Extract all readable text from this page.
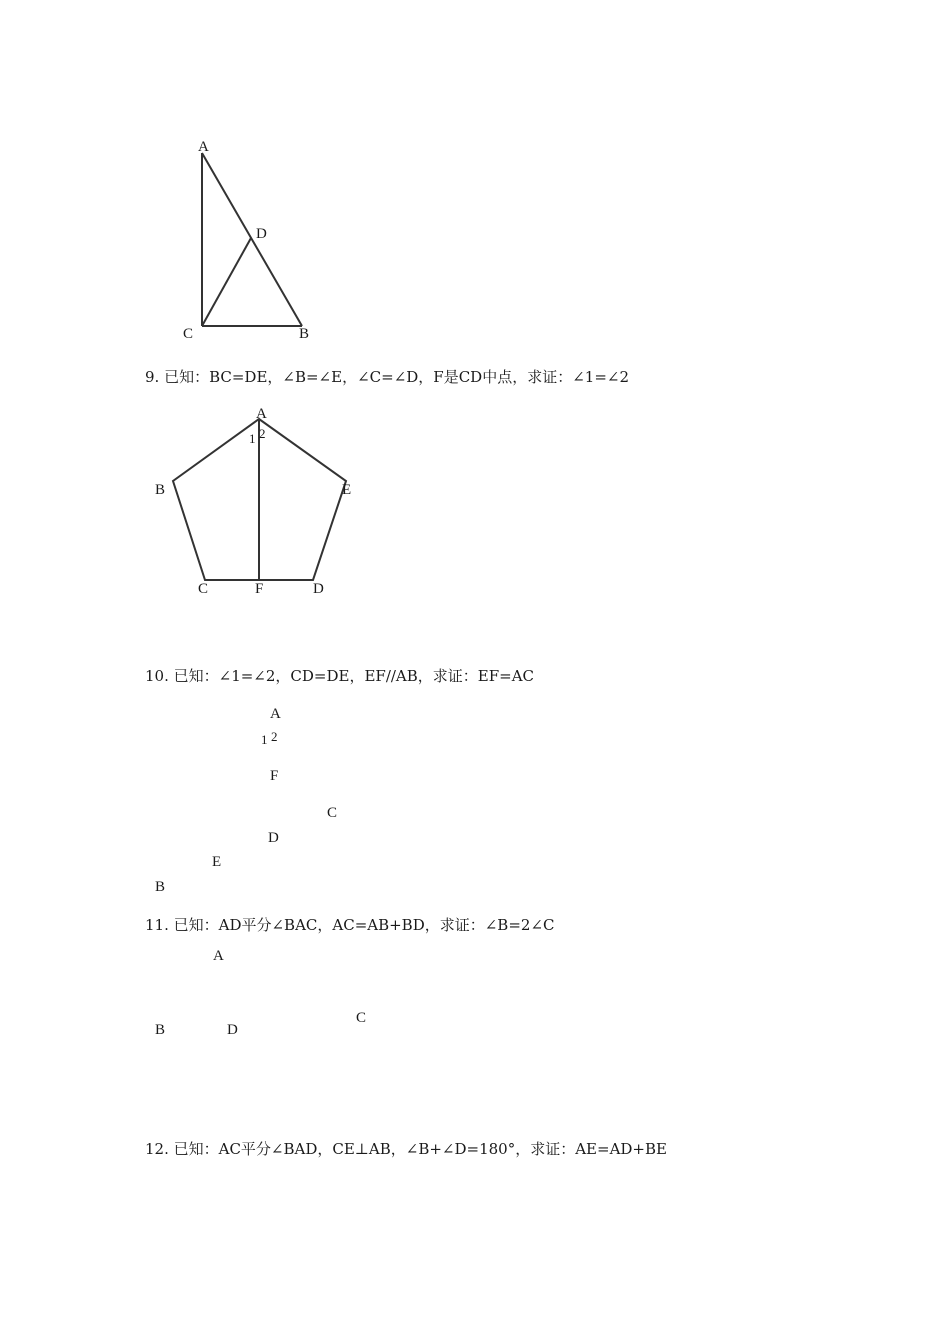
A
D
C	B
9. 已知：BC=DE，∠B=∠E，∠C=∠D，F是CD中点，求证：∠1=∠2
A
1 2
B	E
C	F	D
10. 已知：∠1=∠2，CD=DE，EF//AB，求证：EF=AC
A
1 2
F
C
D
E
B
11. 已知：AD平分∠BAC，AC=AB+BD，求证：∠B=2∠C
A
B	D
C
12. 已知：AC平分∠BAD，CE⊥AB，∠B+∠D=180°，求证：AE=AD+BE
